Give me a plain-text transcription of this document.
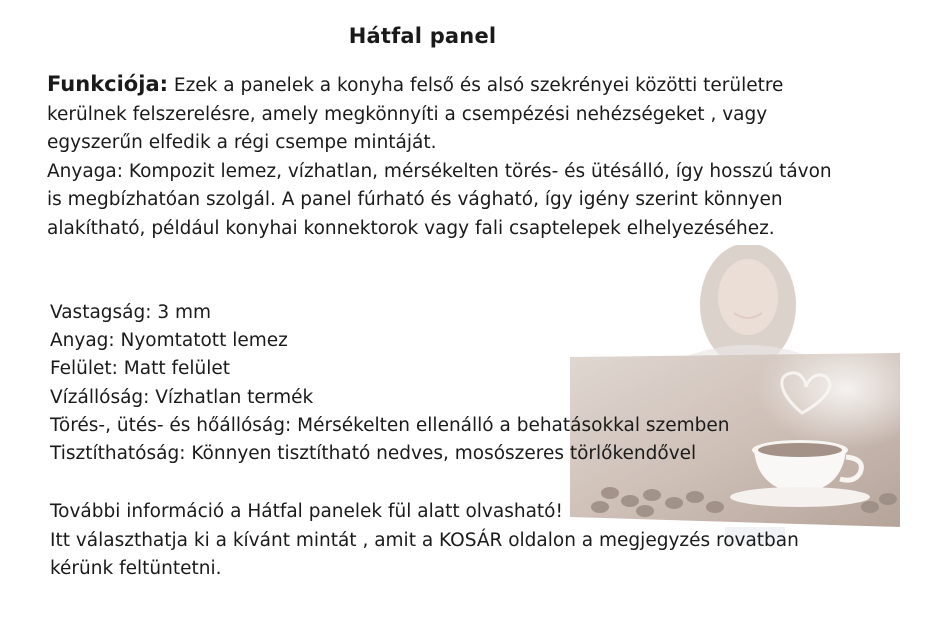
Hátfal panel

Funkciója: Ezek a panelek a konyha felső és alsó szekrényei közötti területre kerülnek felszerelésre, amely megkönnyíti a csempézési nehézségeket , vagy egyszerűn elfedik a régi csempe mintáját.

Anyaga: Kompozit lemez, vízhatlan, mérsékelten törés- és ütésálló, így hosszú távon is megbízhatóan szolgál. A panel fúrható és vágható, így igény szerint könnyen alakítható, például konyhai konnektorok vagy fali csaptelepek elhelyezéséhez.

Vastagság: 3 mm
Anyag: Nyomtatott lemez
Felület: Matt felület
Vízállóság: Vízhatlan termék
Törés-, ütés- és hőállóság: Mérsékelten ellenálló a behatásokkal szemben
Tisztíthatóság: Könnyen tisztítható nedves, mosószeres törlőkendővel
További információ a Hátfal panelek fül alatt olvasható!
Itt választhatja ki a kívánt mintát , amit a KOSÁR oldalon a megjegyzés rovatban
kérünk feltüntetni.
